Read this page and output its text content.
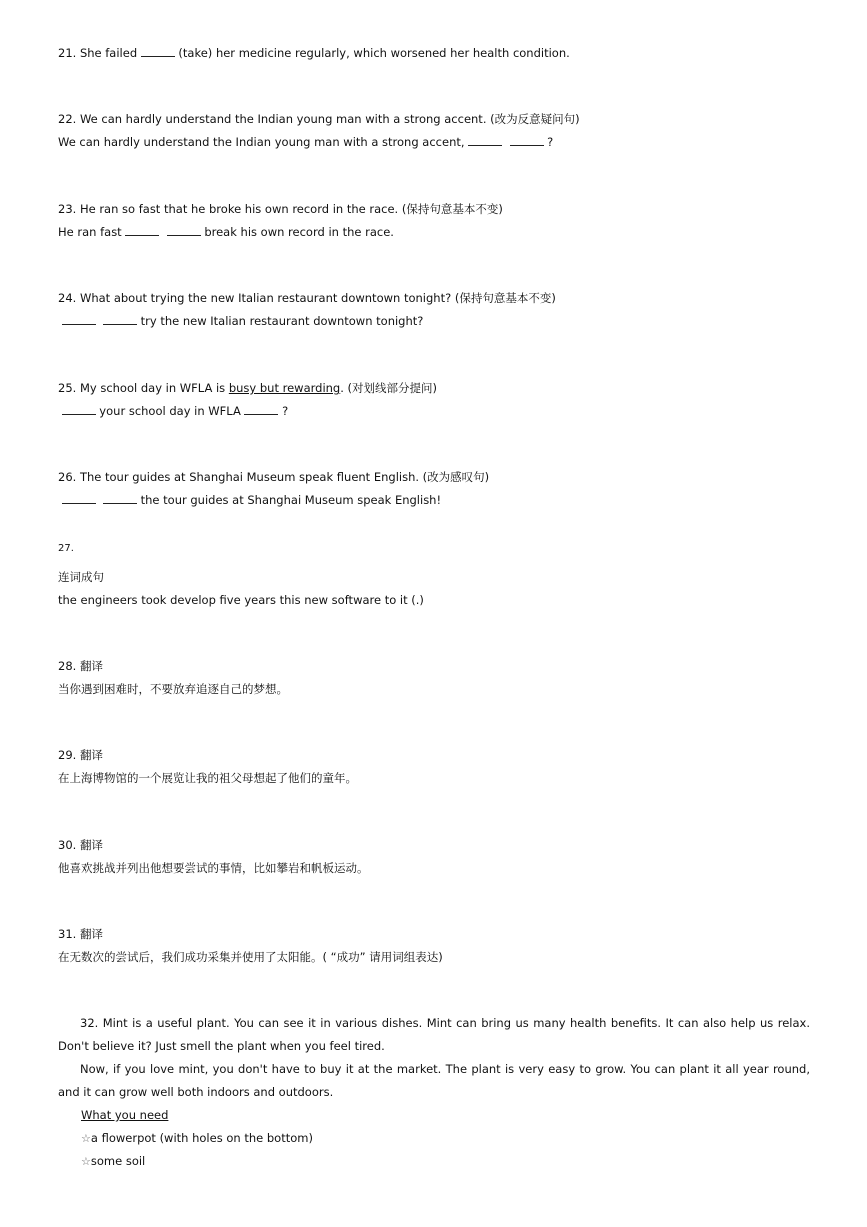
21. She failed	(take) her medicine regularly, which worsened her health condition.
22. We can hardly understand the Indian young man with a strong accent. (改为反意疑问句)
We can hardly understand the Indian young man with a strong accent,	?
23. He ran so fast that he broke his own record in the race. (保持句意基本不变)
He ran fast	break his own record in the race.
24. What about trying the new Italian restaurant downtown tonight? (保持句意基本不变)
try the new Italian restaurant downtown tonight?
25. My school day in WFLA is busy but rewarding. (对划线部分提问)
your school day in WFLA	?
26. The tour guides at Shanghai Museum speak fluent English. (改为感叹句)
the tour guides at Shanghai Museum speak English!
27.
连词成句
the engineers took develop five years this new software to it (.)
28. 翻译
当你遇到困难时，不要放弃追逐自己的梦想。
29. 翻译
在上海博物馆的一个展览让我的祖父母想起了他们的童年。
30. 翻译
他喜欢挑战并列出他想要尝试的事情，比如攀岩和帆板运动。
31. 翻译
在无数次的尝试后，我们成功采集并使用了太阳能。( “成功” 请用词组表达)

32. Mint is a useful plant. You can see it in various dishes. Mint can bring us many health benefits. It can also help us relax. Don't believe it? Just smell the plant when you feel tired.

Now, if you love mint, you don't have to buy it at the market. The plant is very easy to grow. You can plant it all year round, and it can grow well both indoors and outdoors.

What you need
☆a flowerpot (with holes on the bottom)
☆some soil
